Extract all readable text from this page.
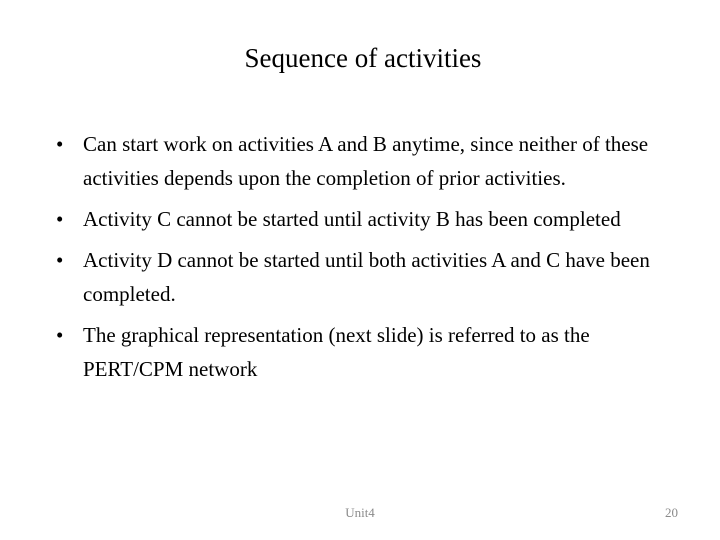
Sequence of activities
• Can start work on activities A and B anytime, since neither of these activities depends upon the completion of prior activities.
• Activity C cannot be started until activity B has been completed
• Activity D cannot be started until both activities A and C have been completed.
• The graphical representation (next slide) is referred to as the PERT/CPM network
Unit4	20
